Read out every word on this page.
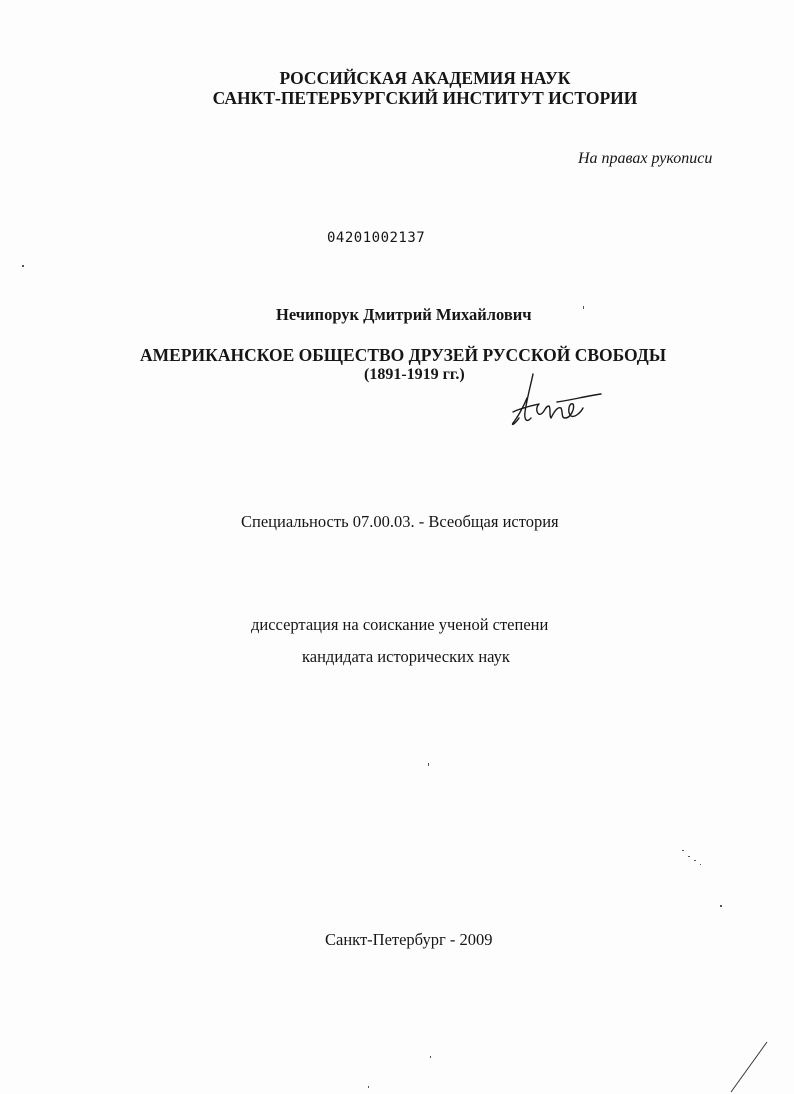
РОССИЙСКАЯ АКАДЕМИЯ НАУК
САНКТ-ПЕТЕРБУРГСКИЙ ИНСТИТУТ ИСТОРИИ
На правах рукописи
04201002137
Нечипорук Дмитрий Михайлович
АМЕРИКАНСКОЕ ОБЩЕСТВО ДРУЗЕЙ РУССКОЙ СВОБОДЫ
(1891-1919 гг.)
Специальность 07.00.03. - Всеобщая история
диссертация на соискание ученой степени
кандидата исторических наук
Санкт-Петербург - 2009
